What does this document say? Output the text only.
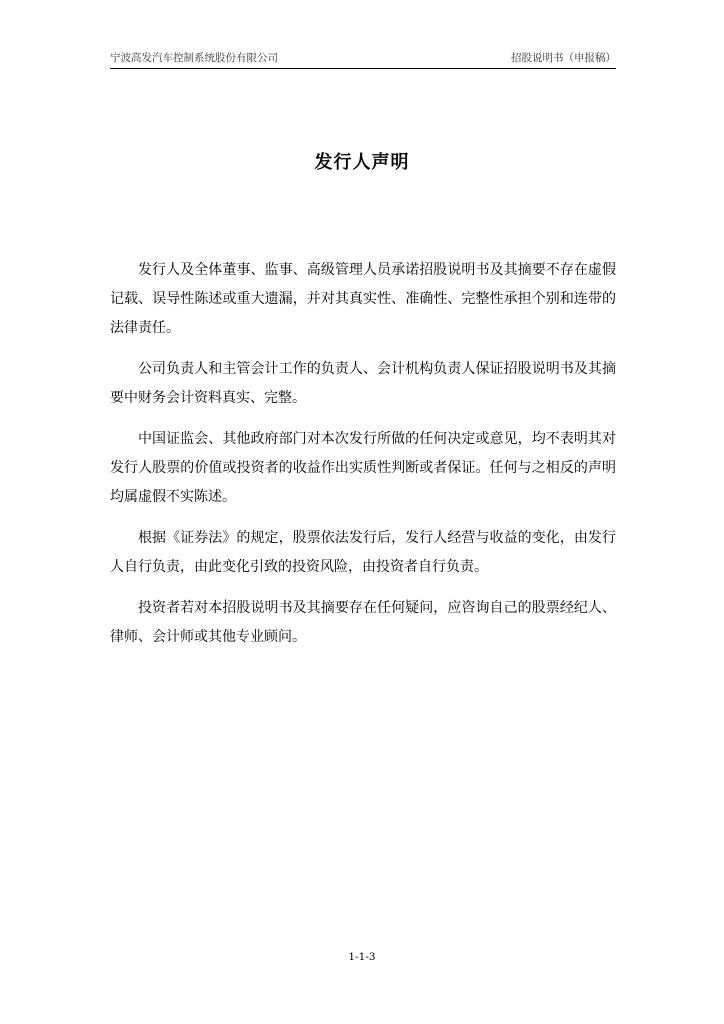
宁波高发汽车控制系统股份有限公司	招股说明书（申报稿）
发行人声明

发行人及全体董事、监事、高级管理人员承诺招股说明书及其摘要不存在虚假记载、误导性陈述或重大遗漏，并对其真实性、准确性、完整性承担个别和连带的法律责任。

公司负责人和主管会计工作的负责人、会计机构负责人保证招股说明书及其摘要中财务会计资料真实、完整。

中国证监会、其他政府部门对本次发行所做的任何决定或意见，均不表明其对发行人股票的价值或投资者的收益作出实质性判断或者保证。任何与之相反的声明均属虚假不实陈述。

根据《证券法》的规定，股票依法发行后，发行人经营与收益的变化，由发行人自行负责，由此变化引致的投资风险，由投资者自行负责。

投资者若对本招股说明书及其摘要存在任何疑问，应咨询自己的股票经纪人、律师、会计师或其他专业顾问。

1-1-3
